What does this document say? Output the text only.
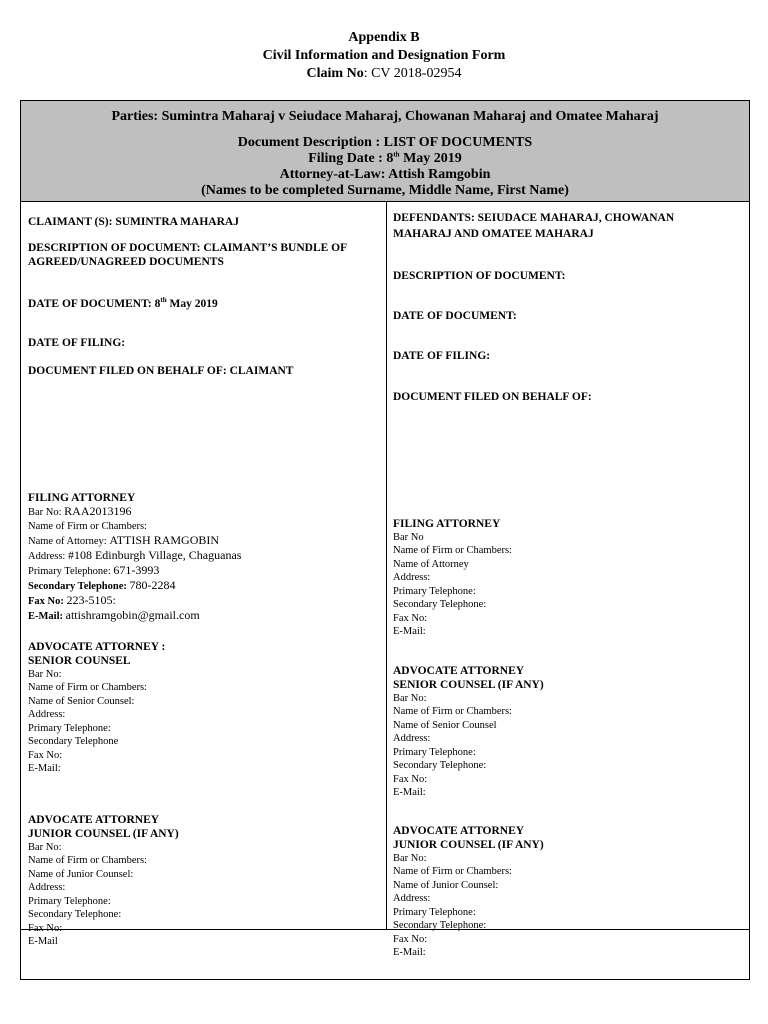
Appendix B
Civil Information and Designation Form
Claim No: CV 2018-02954
Parties: Sumintra Maharaj v Seiudace Maharaj, Chowanan Maharaj and Omatee Maharaj
Document Description : LIST OF DOCUMENTS
Filing Date : 8th May 2019
Attorney-at-Law: Attish Ramgobin
(Names to be completed Surname, Middle Name, First Name)
CLAIMANT (S): SUMINTRA MAHARAJ
DESCRIPTION OF DOCUMENT: CLAIMANT’S BUNDLE OF
AGREED/UNAGREED DOCUMENTS
DATE OF DOCUMENT: 8th May 2019
DATE OF FILING:
DOCUMENT FILED ON BEHALF OF: CLAIMANT
FILING ATTORNEY
Bar No: RAA2013196
Name of Firm or Chambers:
Name of Attorney: ATTISH RAMGOBIN
Address: #108 Edinburgh Village, Chaguanas
Primary Telephone: 671-3993
Secondary Telephone: 780-2284
Fax No: 223-5105:
E-Mail: attishramgobin@gmail.com
ADVOCATE ATTORNEY :
SENIOR COUNSEL
Bar No:
Name of Firm or Chambers:
Name of Senior Counsel:
Address:
Primary Telephone:
Secondary Telephone
Fax No:
E-Mail:
ADVOCATE ATTORNEY
JUNIOR COUNSEL (IF ANY)
Bar No:
Name of Firm or Chambers:
Name of Junior Counsel:
Address:
Primary Telephone:
Secondary Telephone:
Fax No:
E-Mail
DEFENDANTS: SEIUDACE MAHARAJ, CHOWANAN
MAHARAJ AND OMATEE MAHARAJ
DESCRIPTION OF DOCUMENT:
DATE OF DOCUMENT:
DATE OF FILING:
DOCUMENT FILED ON BEHALF OF:
FILING ATTORNEY
Bar No
Name of Firm or Chambers:
Name of Attorney
Address:
Primary Telephone:
Secondary Telephone:
Fax No:
E-Mail:
ADVOCATE ATTORNEY
SENIOR COUNSEL (IF ANY)
Bar No:
Name of Firm or Chambers:
Name of Senior Counsel
Address:
Primary Telephone:
Secondary Telephone:
Fax No:
E-Mail:
ADVOCATE ATTORNEY
JUNIOR COUNSEL (IF ANY)
Bar No:
Name of Firm or Chambers:
Name of Junior Counsel:
Address:
Primary Telephone:
Secondary Telephone:
Fax No:
E-Mail:
